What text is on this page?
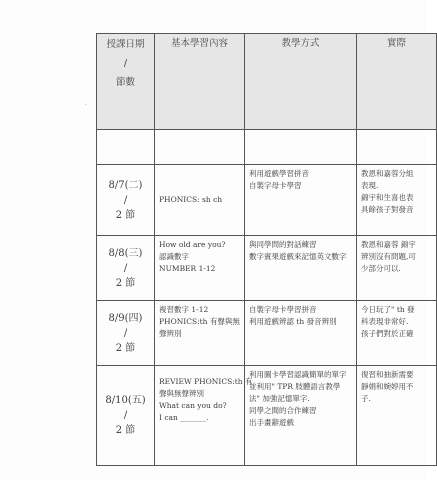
.
授課日期
/
節數	基本學習內容	教學方式	實際

8/7(二)
/
2 節	PHONICS: sh ch	利用遊戲學習拼音
自製字母卡學習	教恩和嘉蓉分組
表現.
錦宇和生喜也表
具餘孩子對發音

8/8(三)
/
2 節	How old are you?
認識數字
NUMBER 1-12	與同學問的對話練習
數字賓果遊戲來記憶英文數字	教恩和嘉蓉 錦宇
辨別沒有問題,可
少部分可以.

8/9(四)
/
2 節	複習數字 1-12
PHONICS:th 有聲與無
聲辨別	自製字母卡學習拼音
利用遊戲辨認 th 發音辨別	今日玩了" th 發
科表現非常好.
孩子們對於正確

8/10(五)
/
2 節	REVIEW PHONICS:th 有
聲與無聲辨別
What can you do?
I can _______.	利用圖卡學習認識簡單的單字
並利用" TPR 肢體語言教學
法" 加強記憶單字.
同學之間的合作練習
出手畫辭遊戲	復習和抽新需要
靜娟和婉婷用不
子.
